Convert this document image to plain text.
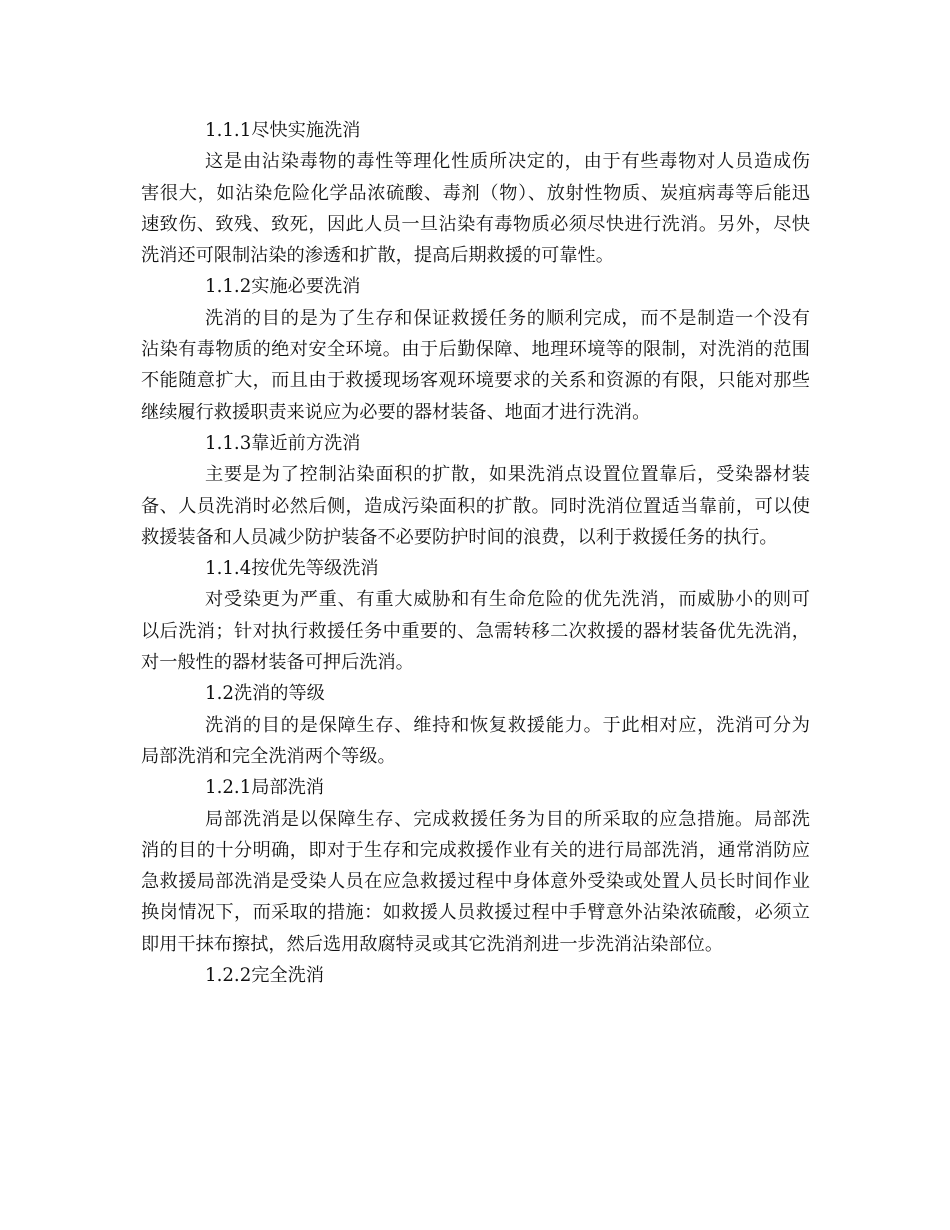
1.1.1尽快实施洗消
这是由沾染毒物的毒性等理化性质所决定的，由于有些毒物对人员造成伤
害很大，如沾染危险化学品浓硫酸、毒剂（物）、放射性物质、炭疽病毒等后能迅
速致伤、致残、致死，因此人员一旦沾染有毒物质必须尽快进行洗消。另外，尽快
洗消还可限制沾染的渗透和扩散，提高后期救援的可靠性。
1.1.2实施必要洗消
洗消的目的是为了生存和保证救援任务的顺利完成，而不是制造一个没有
沾染有毒物质的绝对安全环境。由于后勤保障、地理环境等的限制，对洗消的范围
不能随意扩大，而且由于救援现场客观环境要求的关系和资源的有限，只能对那些
继续履行救援职责来说应为必要的器材装备、地面才进行洗消。
1.1.3靠近前方洗消
主要是为了控制沾染面积的扩散，如果洗消点设置位置靠后，受染器材装
备、人员洗消时必然后侧，造成污染面积的扩散。同时洗消位置适当靠前，可以使
救援装备和人员减少防护装备不必要防护时间的浪费，以利于救援任务的执行。
1.1.4按优先等级洗消
对受染更为严重、有重大威胁和有生命危险的优先洗消，而威胁小的则可
以后洗消；针对执行救援任务中重要的、急需转移二次救援的器材装备优先洗消，
对一般性的器材装备可押后洗消。
1.2洗消的等级
洗消的目的是保障生存、维持和恢复救援能力。于此相对应，洗消可分为
局部洗消和完全洗消两个等级。
1.2.1局部洗消
局部洗消是以保障生存、完成救援任务为目的所采取的应急措施。局部洗
消的目的十分明确，即对于生存和完成救援作业有关的进行局部洗消，通常消防应
急救援局部洗消是受染人员在应急救援过程中身体意外受染或处置人员长时间作业
换岗情况下，而采取的措施：如救援人员救援过程中手臂意外沾染浓硫酸，必须立
即用干抹布擦拭，然后选用敌腐特灵或其它洗消剂进一步洗消沾染部位。
1.2.2完全洗消
